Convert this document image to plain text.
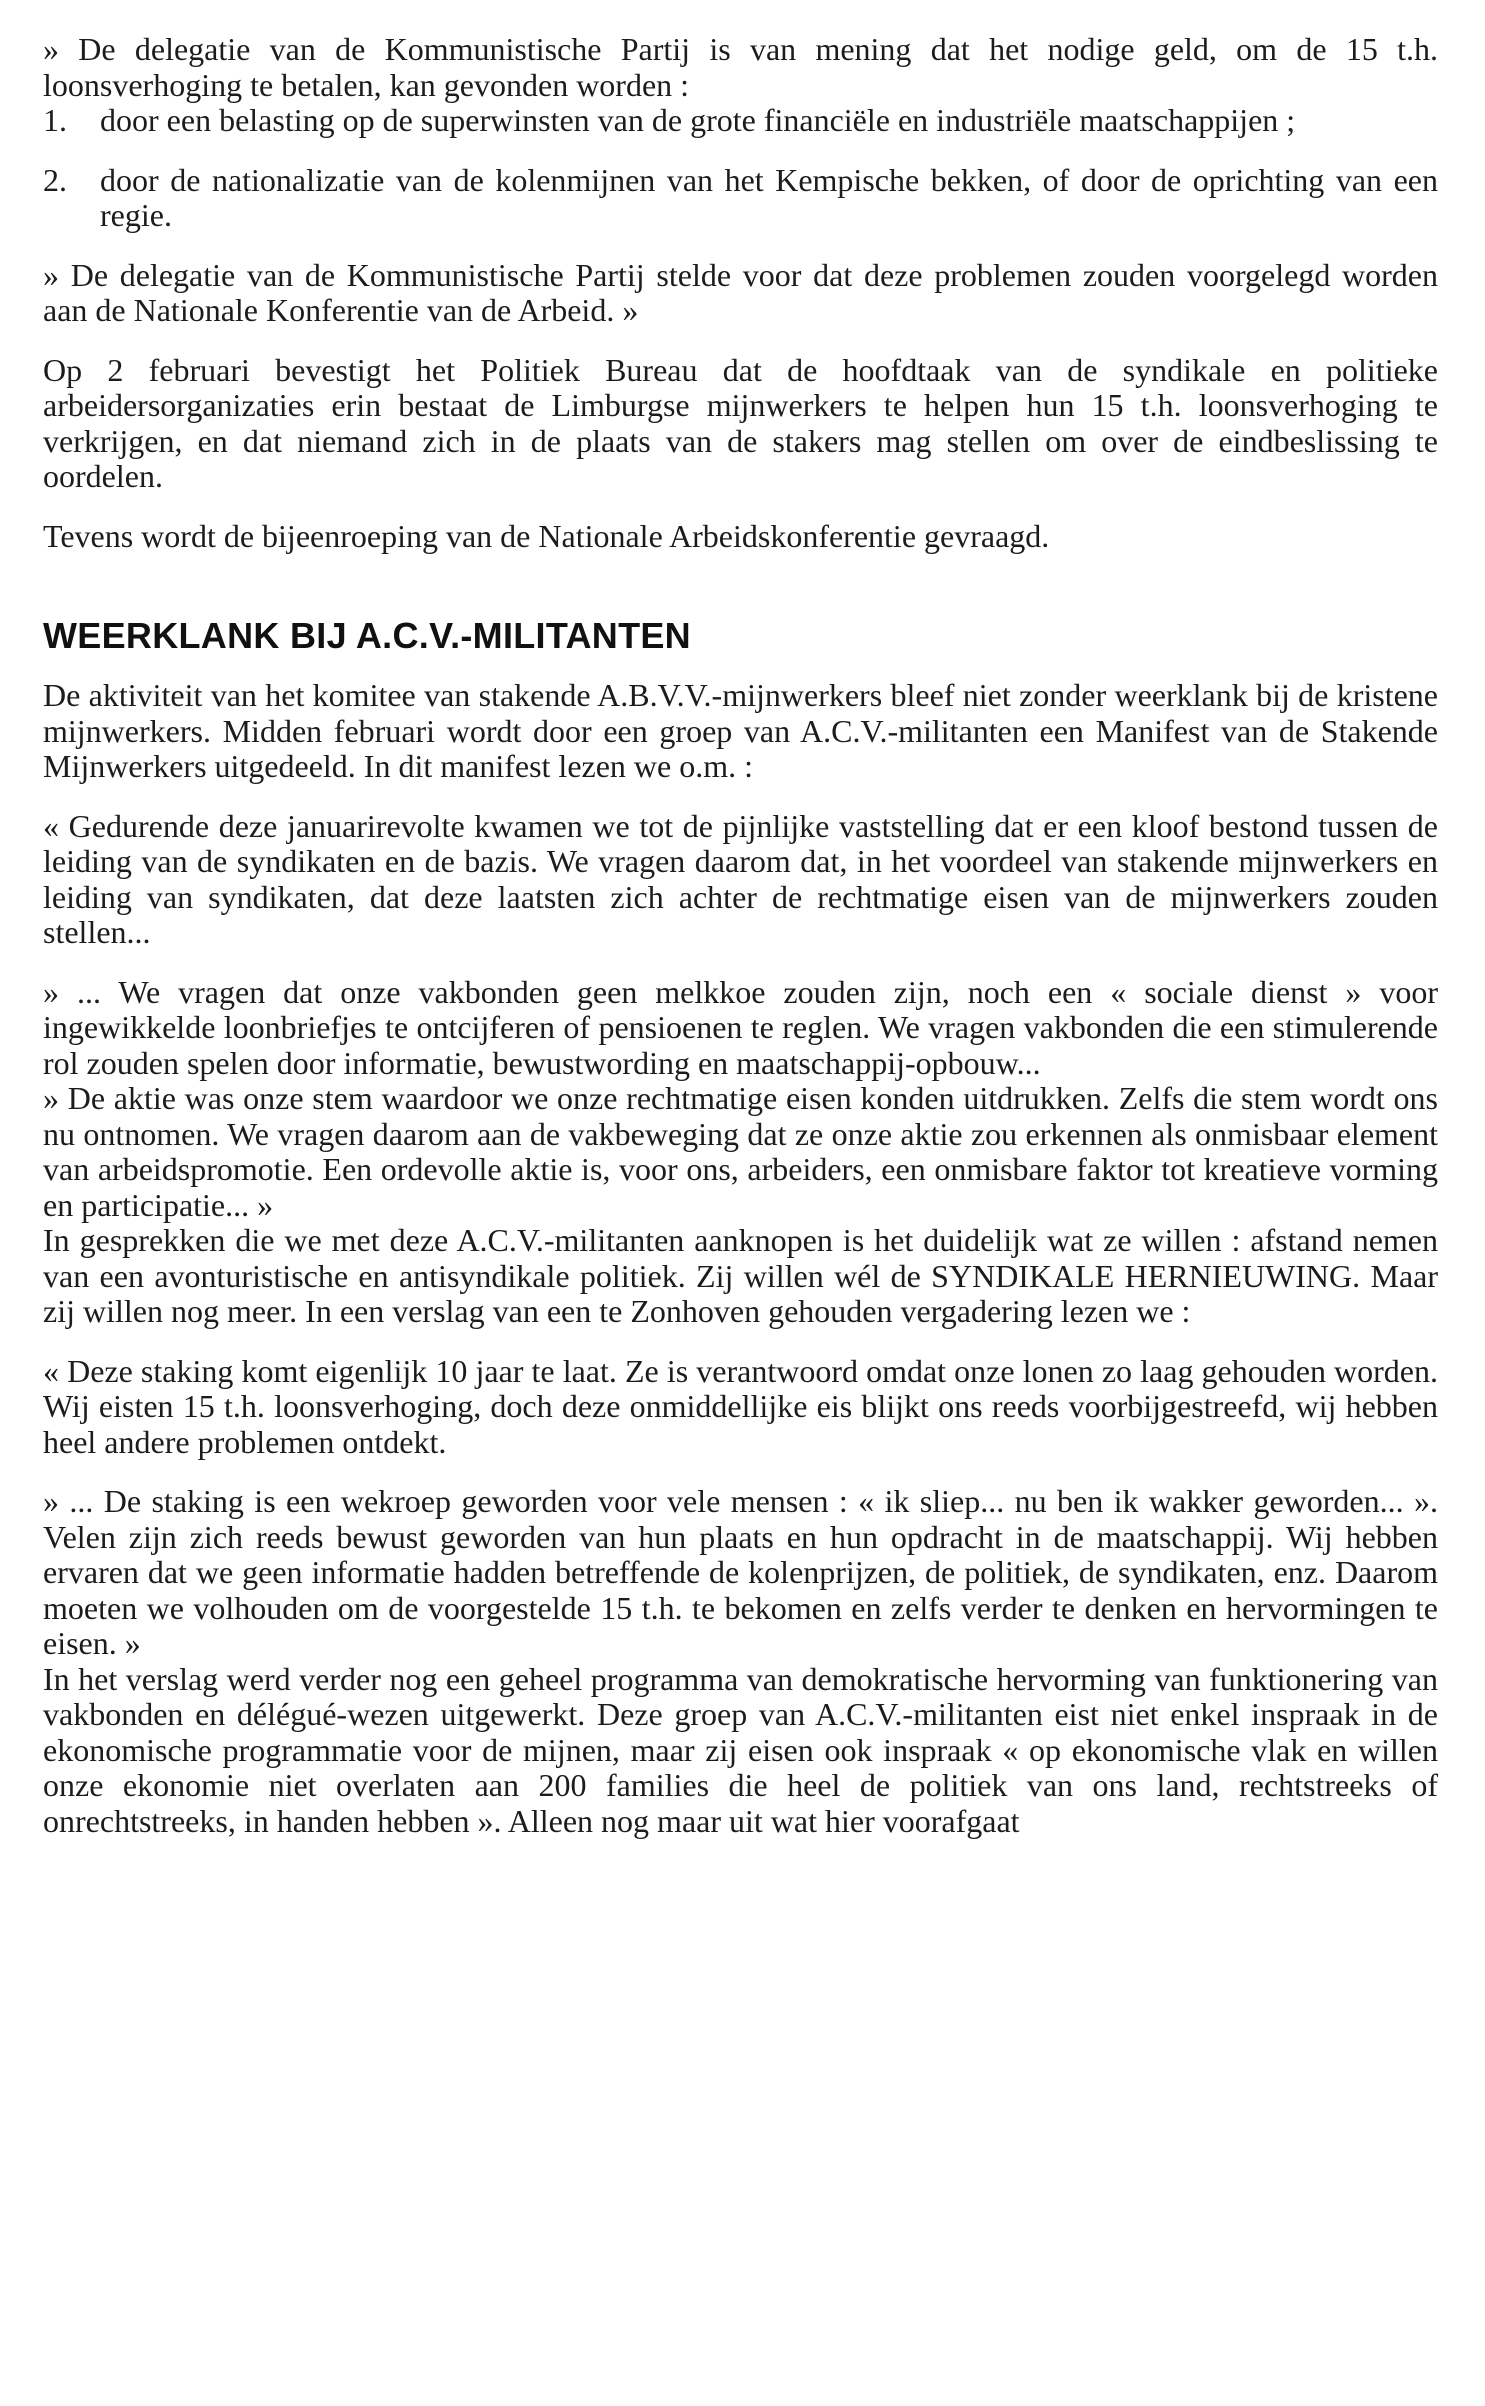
» De delegatie van de Kommunistische Partij is van mening dat het nodige geld, om de 15 t.h. loonsverhoging te betalen, kan gevonden worden :

1. door een belasting op de superwinsten van de grote financiële en industriële maatschappijen ;
2. door de nationalizatie van de kolenmijnen van het Kempische bekken, of door de oprichting van een regie.

» De delegatie van de Kommunistische Partij stelde voor dat deze problemen zouden voorgelegd worden aan de Nationale Konferentie van de Arbeid. »

Op 2 februari bevestigt het Politiek Bureau dat de hoofdtaak van de syndikale en politieke arbeidersorganizaties erin bestaat de Limburgse mijnwerkers te helpen hun 15 t.h. loonsverhoging te verkrijgen, en dat niemand zich in de plaats van de stakers mag stellen om over de eindbeslissing te oordelen.

Tevens wordt de bijeenroeping van de Nationale Arbeidskonferentie gevraagd.

WEERKLANK BIJ A.C.V.-MILITANTEN

De aktiviteit van het komitee van stakende A.B.V.V.-mijnwerkers bleef niet zonder weerklank bij de kristene mijnwerkers. Midden februari wordt door een groep van A.C.V.-militanten een Manifest van de Stakende Mijnwerkers uitgedeeld. In dit manifest lezen we o.m. :

« Gedurende deze januarirevolte kwamen we tot de pijnlijke vaststelling dat er een kloof bestond tussen de leiding van de syndikaten en de bazis. We vragen daarom dat, in het voordeel van stakende mijnwerkers en leiding van syndikaten, dat deze laatsten zich achter de rechtmatige eisen van de mijnwerkers zouden stellen...

» ... We vragen dat onze vakbonden geen melkkoe zouden zijn, noch een « sociale dienst » voor ingewikkelde loonbriefjes te ontcijferen of pensioenen te reglen. We vragen vakbonden die een stimulerende rol zouden spelen door informatie, bewustwording en maatschappij-opbouw...

» De aktie was onze stem waardoor we onze rechtmatige eisen konden uitdrukken. Zelfs die stem wordt ons nu ontnomen. We vragen daarom aan de vakbeweging dat ze onze aktie zou erkennen als onmisbaar element van arbeidspromotie. Een ordevolle aktie is, voor ons, arbeiders, een onmisbare faktor tot kreatieve vorming en participatie... »

In gesprekken die we met deze A.C.V.-militanten aanknopen is het duidelijk wat ze willen : afstand nemen van een avonturistische en antisyndikale politiek. Zij willen wél de SYNDIKALE HERNIEUWING. Maar zij willen nog meer. In een verslag van een te Zonhoven gehouden vergadering lezen we :

« Deze staking komt eigenlijk 10 jaar te laat. Ze is verantwoord omdat onze lonen zo laag gehouden worden. Wij eisten 15 t.h. loonsverhoging, doch deze onmiddellijke eis blijkt ons reeds voorbijgestreefd, wij hebben heel andere problemen ontdekt.

» ... De staking is een wekroep geworden voor vele mensen : « ik sliep... nu ben ik wakker geworden... ». Velen zijn zich reeds bewust geworden van hun plaats en hun opdracht in de maatschappij. Wij hebben ervaren dat we geen informatie hadden betreffende de kolenprijzen, de politiek, de syndikaten, enz. Daarom moeten we volhouden om de voorgestelde 15 t.h. te bekomen en zelfs verder te denken en hervormingen te eisen. »

In het verslag werd verder nog een geheel programma van demokratische hervorming van funktionering van vakbonden en délégué-wezen uitgewerkt. Deze groep van A.C.V.-militanten eist niet enkel inspraak in de ekonomische programmatie voor de mijnen, maar zij eisen ook inspraak « op ekonomische vlak en willen onze ekonomie niet overlaten aan 200 families die heel de politiek van ons land, rechtstreeks of onrechtstreeks, in handen hebben ». Alleen nog maar uit wat hier voorafgaat
